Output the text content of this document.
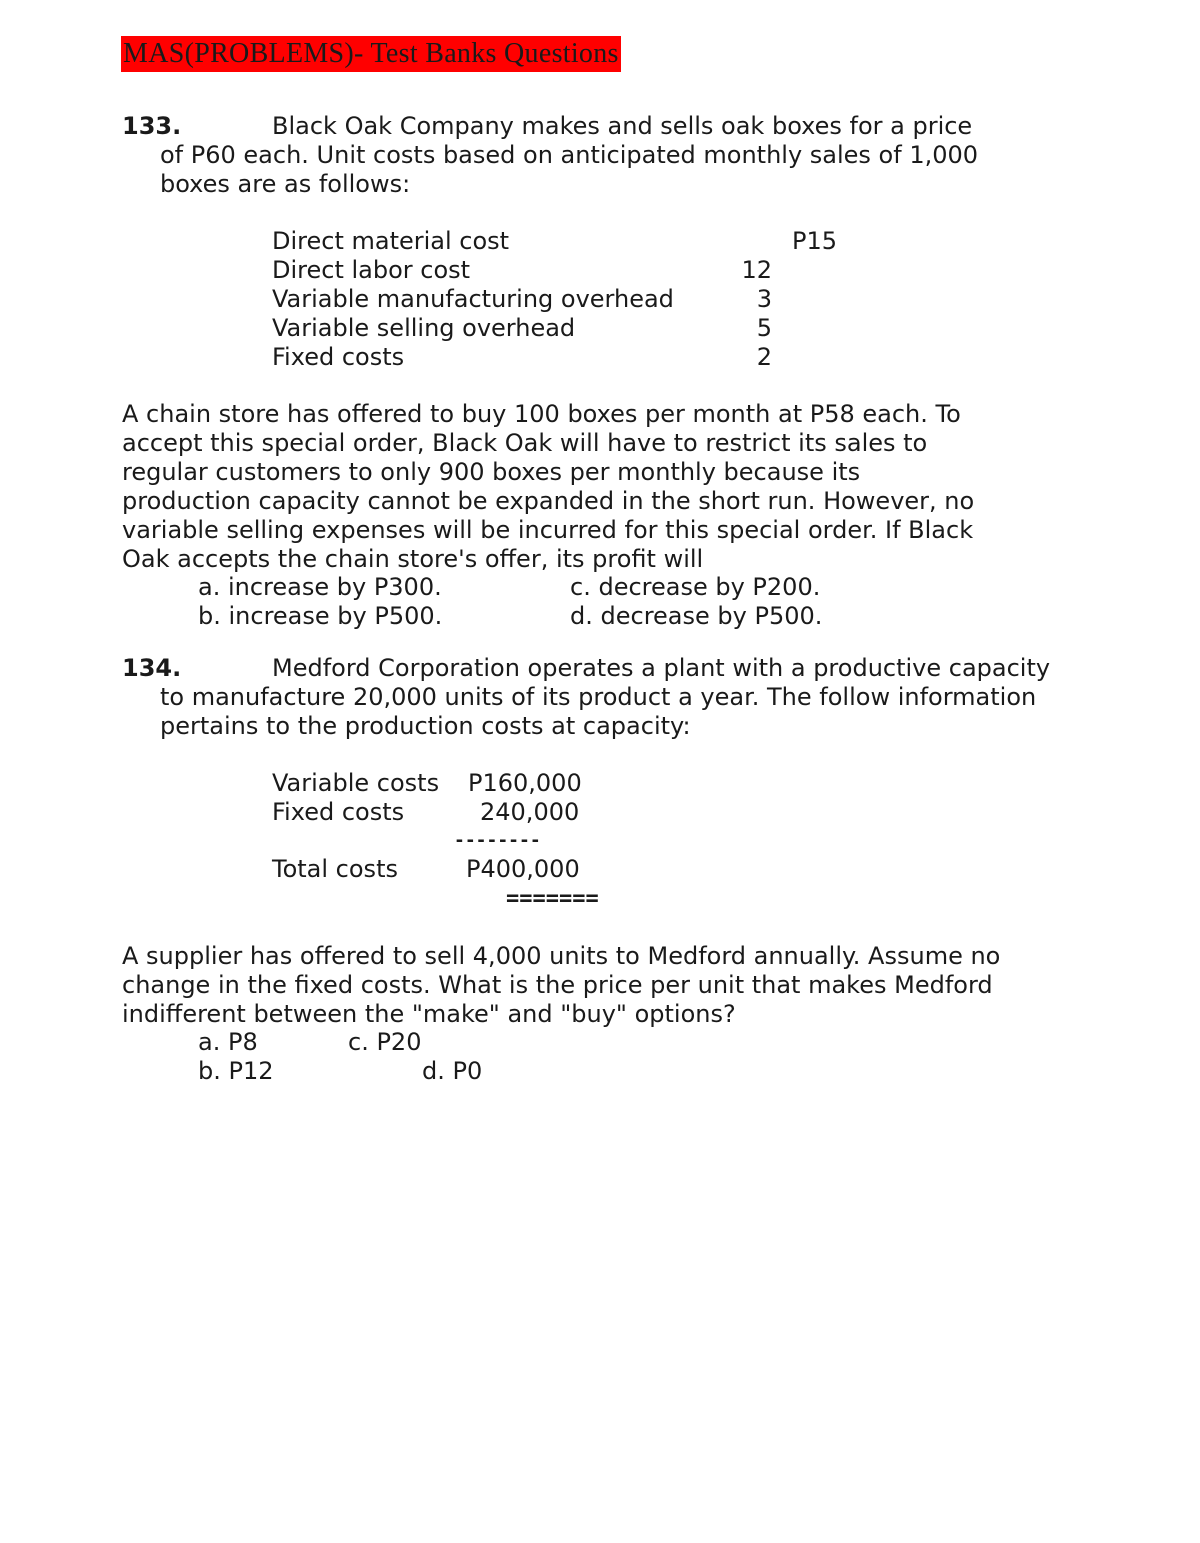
MAS(PROBLEMS)- Test Banks Questions
133.	Black Oak Company makes and sells oak boxes for a price
of P60 each. Unit costs based on anticipated monthly sales of 1,000
boxes are as follows:
Direct material cost	P15
Direct labor cost	12
Variable manufacturing overhead	3
Variable selling overhead	5
Fixed costs	2
A chain store has offered to buy 100 boxes per month at P58 each. To
accept this special order, Black Oak will have to restrict its sales to
regular customers to only 900 boxes per monthly because its
production capacity cannot be expanded in the short run. However, no
variable selling expenses will be incurred for this special order. If Black
Oak accepts the chain store's offer, its profit will
a. increase by P300.	c. decrease by P200.
b. increase by P500.	d. decrease by P500.
134.	Medford Corporation operates a plant with a productive capacity
to manufacture 20,000 units of its product a year. The follow information
pertains to the production costs at capacity:
Variable costs P160,000
Fixed costs	240,000
--------
Total costs	P400,000
=======
A supplier has offered to sell 4,000 units to Medford annually. Assume no
change in the fixed costs. What is the price per unit that makes Medford
indifferent between the "make" and "buy" options?
a. P8	c. P20
b. P12	d. P0
